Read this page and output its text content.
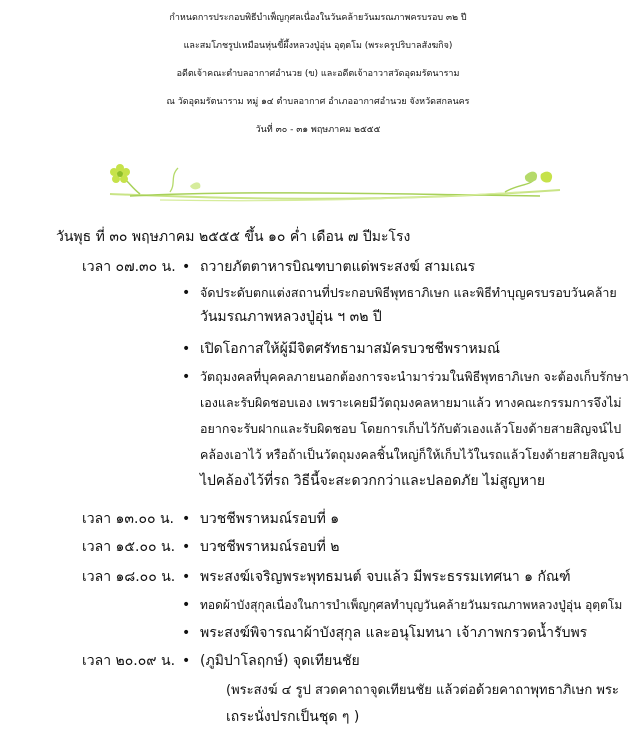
กำหนดการประกอบพิธีบำเพ็ญกุศลเนื่องในวันคล้ายวันมรณภาพครบรอบ ๓๒ ปี
และสมโภชรูปเหมือนหุ่นขี้ผึ้งหลวงปู่อุ่น อุตฺตโม (พระครูปริบาลสังฆกิจ)
อดีตเจ้าคณะตำบลอากาศอำนวย (ข) และอดีตเจ้าอาวาสวัดอุดมรัตนาราม
ณ วัดอุดมรัตนาราม หมู่ ๑๔ ตำบลอากาศ อำเภออากาศอำนวย จังหวัดสกลนคร
วันที่ ๓๐ - ๓๑ พฤษภาคม ๒๕๕๕
วันพุธ ที่ ๓๐ พฤษภาคม ๒๕๕๕ ขึ้น ๑๐ ค่ำ เดือน ๗ ปีมะโรง
เวลา ๐๗.๓๐ น. • ถวายภัตตาหารบิณฑบาตแด่พระสงฆ์ สามเณร
• จัดประดับตกแต่งสถานที่ประกอบพิธีพุทธาภิเษก และพิธีทำบุญครบรอบวันคล้าย
วันมรณภาพหลวงปู่อุ่น ฯ ๓๒ ปี
• เปิดโอกาสให้ผู้มีจิตศรัทธามาสมัครบวชชีพราหมณ์
• วัตถุมงคลที่บุคคลภายนอกต้องการจะนำมาร่วมในพิธีพุทธาภิเษก จะต้องเก็บรักษา
เองและรับผิดชอบเอง เพราะเคยมีวัตถุมงคลหายมาแล้ว ทางคณะกรรมการจึงไม่
อยากจะรับฝากและรับผิดชอบ โดยการเก็บไว้กับตัวเองแล้วโยงด้ายสายสิญจน์ไป
คล้องเอาไว้ หรือถ้าเป็นวัตถุมงคลชิ้นใหญ่ก็ให้เก็บไว้ในรถแล้วโยงด้ายสายสิญจน์
ไปคล้องไว้ที่รถ วิธีนี้จะสะดวกกว่าและปลอดภัย ไม่สูญหาย
เวลา ๑๓.๐๐ น. • บวชชีพราหมณ์รอบที่ ๑
เวลา ๑๕.๐๐ น. • บวชชีพราหมณ์รอบที่ ๒
เวลา ๑๘.๐๐ น. • พระสงฆ์เจริญพระพุทธมนต์ จบแล้ว มีพระธรรมเทศนา ๑ กัณฑ์
• ทอดผ้าบังสุกุลเนื่องในการบำเพ็ญกุศลทำบุญวันคล้ายวันมรณภาพหลวงปู่อุ่น อุตฺตโม
• พระสงฆ์พิจารณาผ้าบังสุกุล และอนุโมทนา เจ้าภาพกรวดน้ำรับพร
เวลา ๒๐.๐๙ น. • (ภูมิปาโลฤกษ์) จุดเทียนชัย
(พระสงฆ์ ๔ รูป สวดคาถาจุดเทียนชัย แล้วต่อด้วยคาถาพุทธาภิเษก พระ
เถระนั่งปรกเป็นชุด ๆ )
